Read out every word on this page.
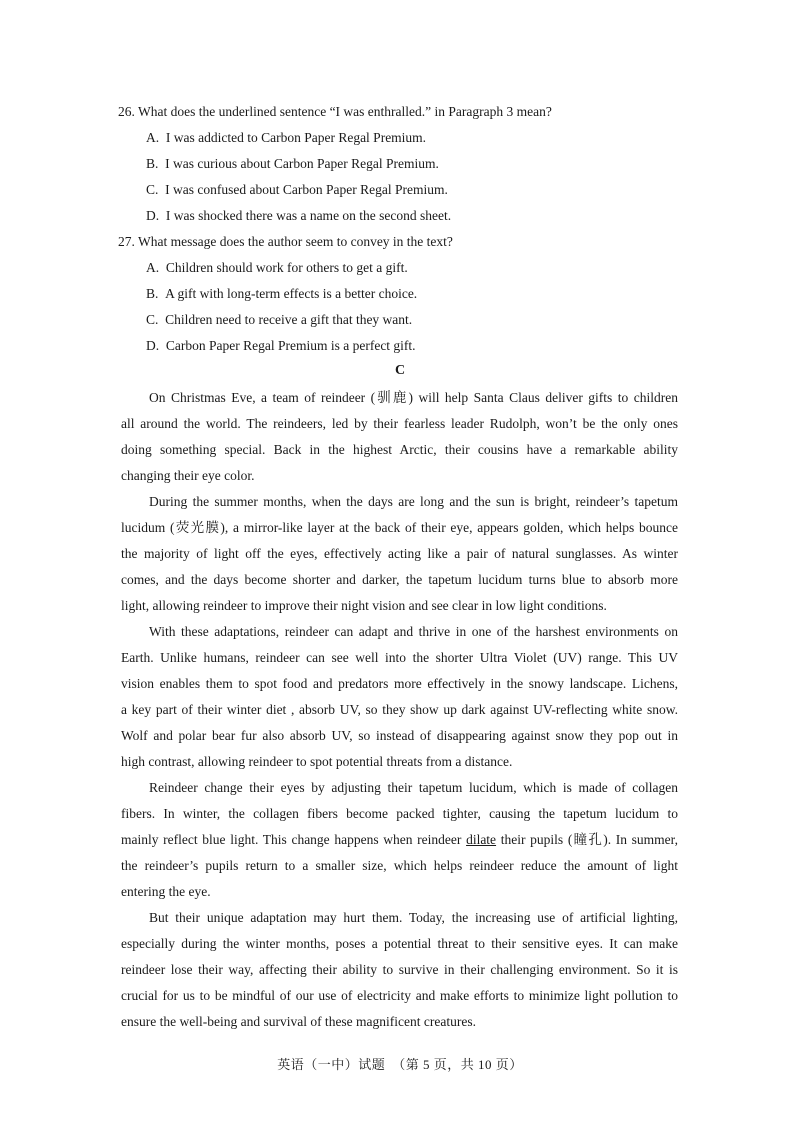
26. What does the underlined sentence “I was enthralled.” in Paragraph 3 mean?
A. I was addicted to Carbon Paper Regal Premium.
B. I was curious about Carbon Paper Regal Premium.
C. I was confused about Carbon Paper Regal Premium.
D. I was shocked there was a name on the second sheet.
27. What message does the author seem to convey in the text?
A. Children should work for others to get a gift.
B. A gift with long-term effects is a better choice.
C. Children need to receive a gift that they want.
D. Carbon Paper Regal Premium is a perfect gift.
C
On Christmas Eve, a team of reindeer (驯鹿) will help Santa Claus deliver gifts to children
all around the world. The reindeers, led by their fearless leader Rudolph, won’t be the only ones
doing something special. Back in the highest Arctic, their cousins have a remarkable ability
changing their eye color.
During the summer months, when the days are long and the sun is bright, reindeer’s tapetum
lucidum (荧光膜), a mirror-like layer at the back of their eye, appears golden, which helps bounce
the majority of light off the eyes, effectively acting like a pair of natural sunglasses. As winter
comes, and the days become shorter and darker, the tapetum lucidum turns blue to absorb more
light, allowing reindeer to improve their night vision and see clear in low light conditions.
With these adaptations, reindeer can adapt and thrive in one of the harshest environments on
Earth. Unlike humans, reindeer can see well into the shorter Ultra Violet (UV) range. This UV
vision enables them to spot food and predators more effectively in the snowy landscape. Lichens,
a key part of their winter diet , absorb UV, so they show up dark against UV-reflecting white snow.
Wolf and polar bear fur also absorb UV, so instead of disappearing against snow they pop out in
high contrast, allowing reindeer to spot potential threats from a distance.
Reindeer change their eyes by adjusting their tapetum lucidum, which is made of collagen
fibers. In winter, the collagen fibers become packed tighter, causing the tapetum lucidum to
mainly reflect blue light. This change happens when reindeer dilate their pupils (瞳孔). In summer,
the reindeer’s pupils return to a smaller size, which helps reindeer reduce the amount of light
entering the eye.
But their unique adaptation may hurt them. Today, the increasing use of artificial lighting,
especially during the winter months, poses a potential threat to their sensitive eyes. It can make
reindeer lose their way, affecting their ability to survive in their challenging environment. So it is
crucial for us to be mindful of our use of electricity and make efforts to minimize light pollution to
ensure the well-being and survival of these magnificent creatures.
英语（一中）试题　（第 5 页，共 10 页）
